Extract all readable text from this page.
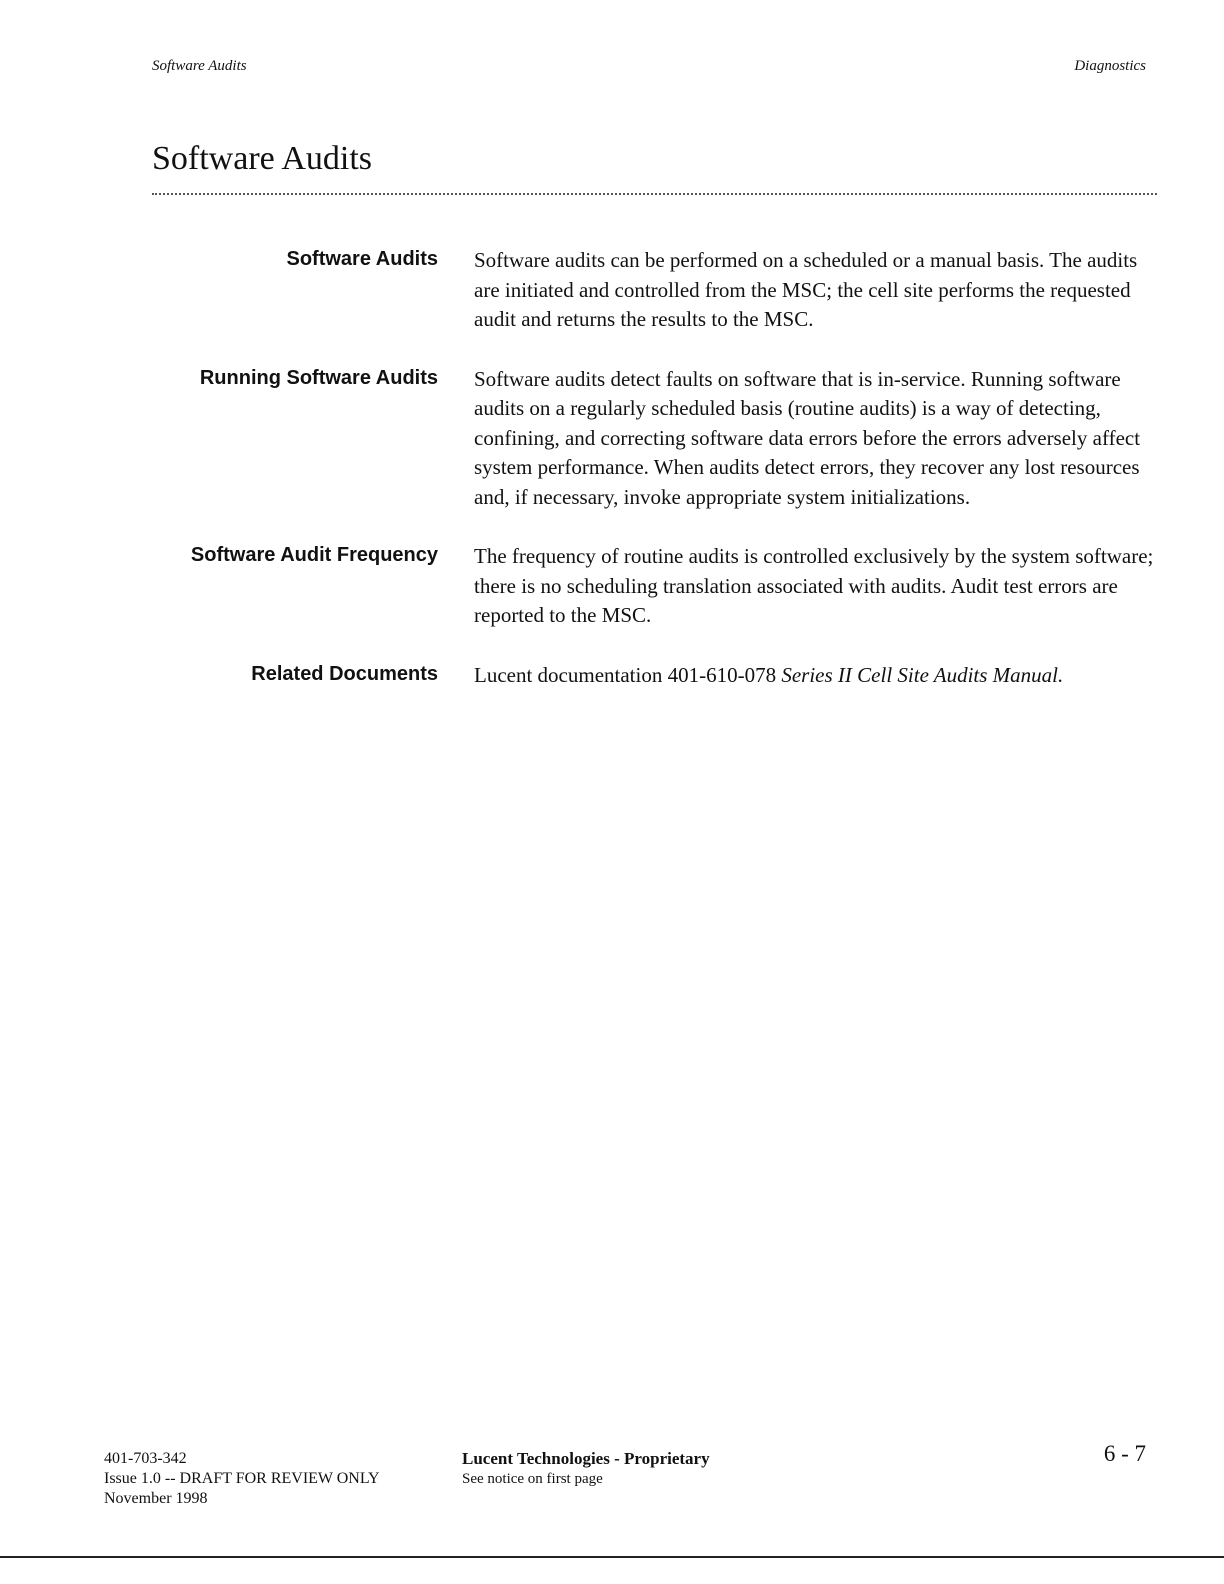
Software Audits	Diagnostics
Software Audits
Software Audits Software audits can be performed on a scheduled or a manual basis. The audits are initiated and controlled from the MSC; the cell site performs the requested audit and returns the results to the MSC.

Running Software Audits Software audits detect faults on software that is in-service. Running software audits on a regularly scheduled basis (routine audits) is a way of detecting, confining, and correcting software data errors before the errors adversely affect system performance. When audits detect errors, they recover any lost resources and, if necessary, invoke appropriate system initializations.

Software Audit Frequency The frequency of routine audits is controlled exclusively by the system software; there is no scheduling translation associated with audits. Audit test errors are reported to the MSC.

Related Documents Lucent documentation 401-610-078 Series II Cell Site Audits Manual.

401-703-342
Issue 1.0 -- DRAFT FOR REVIEW ONLY
November 1998
Lucent Technologies - Proprietary
See notice on first page
6 - 7
